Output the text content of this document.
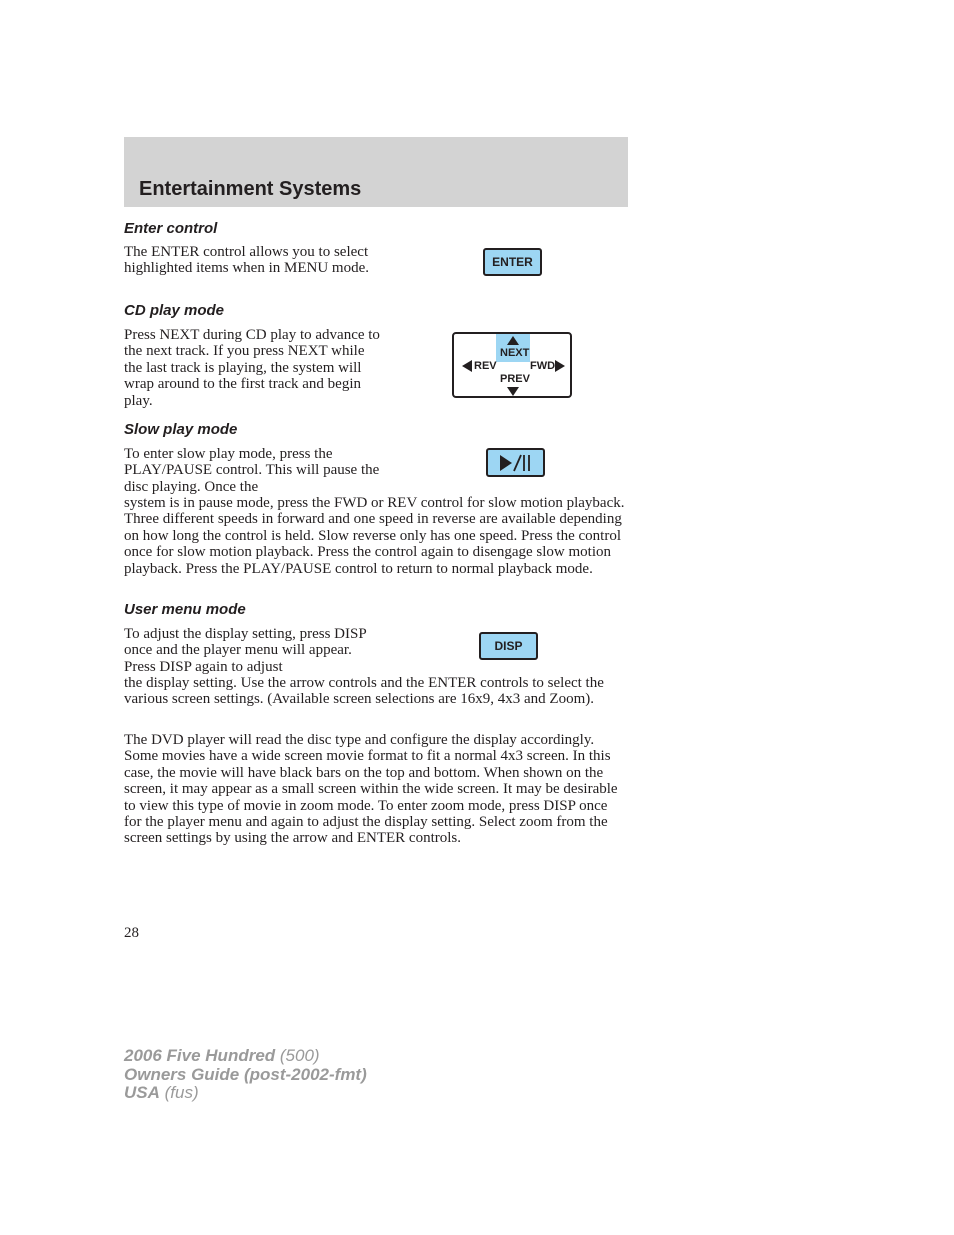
Entertainment Systems
Enter control
The ENTER control allows you to select highlighted items when in MENU mode.	ENTER
CD play mode
Press NEXT during CD play to advance to the next track. If you press NEXT while the last track is playing, the system will wrap around to the first track and begin play.
NEXT
REV	FWD
PREV
Slow play mode
To enter slow play mode, press the PLAY/PAUSE control. This will pause the disc playing. Once the
system is in pause mode, press the FWD or REV control for slow motion playback. Three different speeds in forward and one speed in reverse are available depending on how long the control is held. Slow reverse only has one speed. Press the control once for slow motion playback. Press the control again to disengage slow motion playback. Press the PLAY/PAUSE control to return to normal playback mode.
User menu mode
To adjust the display setting, press DISP once and the player menu will appear. Press DISP again to adjust
the display setting. Use the arrow controls and the ENTER controls to select the various screen settings. (Available screen selections are 16x9, 4x3 and Zoom).
DISP
The DVD player will read the disc type and configure the display accordingly. Some movies have a wide screen movie format to fit a normal 4x3 screen. In this case, the movie will have black bars on the top and bottom. When shown on the screen, it may appear as a small screen within the wide screen. It may be desirable to view this type of movie in zoom mode. To enter zoom mode, press DISP once for the player menu and again to adjust the display setting. Select zoom from the screen settings by using the arrow and ENTER controls.
28
2006 Five Hundred (500)
Owners Guide (post-2002-fmt)
USA (fus)
